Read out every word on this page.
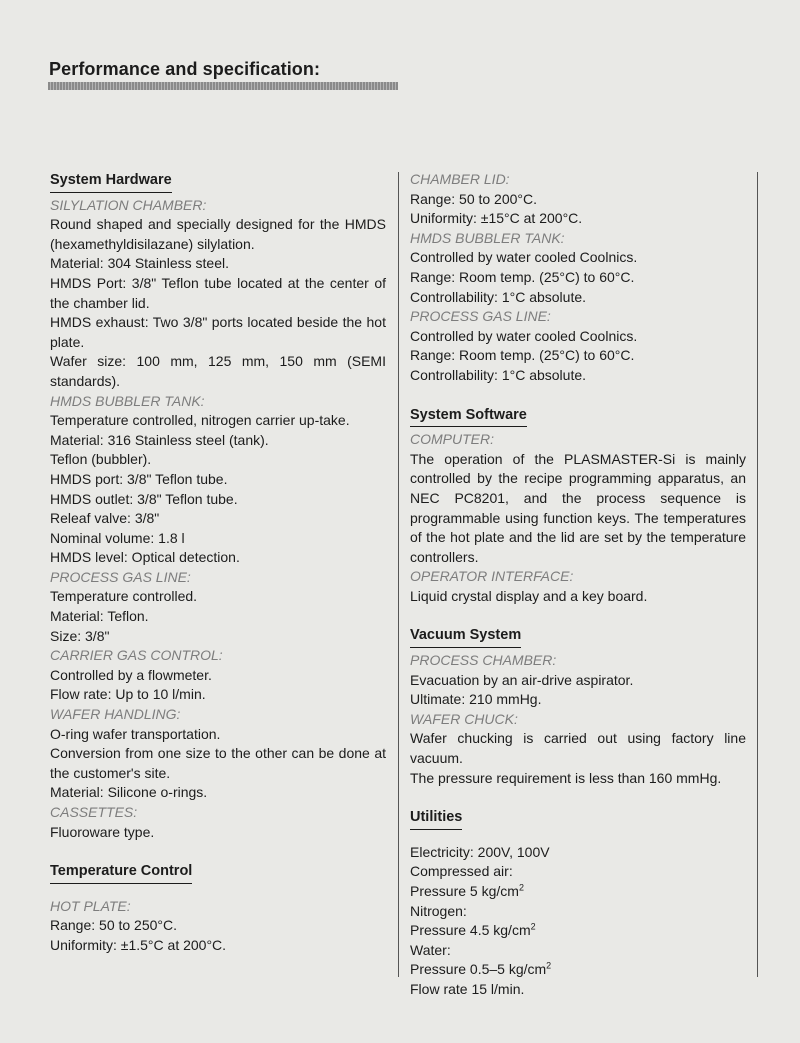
Performance and specification:
System Hardware
SILYLATION CHAMBER:
Round shaped and specially designed for the HMDS (hexamethyldisilazane) silylation.
Material: 304 Stainless steel.
HMDS Port: 3/8" Teflon tube located at the center of the chamber lid.
HMDS exhaust: Two 3/8" ports located beside the hot plate.
Wafer size: 100 mm, 125 mm, 150 mm (SEMI standards).
HMDS BUBBLER TANK:
Temperature controlled, nitrogen carrier up-take.
Material: 316 Stainless steel (tank).
Teflon (bubbler).
HMDS port: 3/8" Teflon tube.
HMDS outlet: 3/8" Teflon tube.
Releaf valve: 3/8"
Nominal volume: 1.8 l
HMDS level: Optical detection.
PROCESS GAS LINE:
Temperature controlled.
Material: Teflon.
Size: 3/8"
CARRIER GAS CONTROL:
Controlled by a flowmeter.
Flow rate: Up to 10 l/min.
WAFER HANDLING:
O-ring wafer transportation.
Conversion from one size to the other can be done at the customer's site.
Material: Silicone o-rings.
CASSETTES:
Fluoroware type.
Temperature Control
HOT PLATE:
Range: 50 to 250°C.
Uniformity: ±1.5°C at 200°C.
CHAMBER LID:
Range: 50 to 200°C.
Uniformity: ±15°C at 200°C.
HMDS BUBBLER TANK:
Controlled by water cooled Coolnics.
Range: Room temp. (25°C) to 60°C.
Controllability: 1°C absolute.
PROCESS GAS LINE:
Controlled by water cooled Coolnics.
Range: Room temp. (25°C) to 60°C.
Controllability: 1°C absolute.
System Software
COMPUTER:
The operation of the PLASMASTER-Si is mainly controlled by the recipe programming apparatus, an NEC PC8201, and the process sequence is programmable using function keys. The temperatures of the hot plate and the lid are set by the temperature controllers.
OPERATOR INTERFACE:
Liquid crystal display and a key board.
Vacuum System
PROCESS CHAMBER:
Evacuation by an air-drive aspirator.
Ultimate: 210 mmHg.
WAFER CHUCK:
Wafer chucking is carried out using factory line vacuum.
The pressure requirement is less than 160 mmHg.
Utilities
Electricity: 200V, 100V
Compressed air:
Pressure 5 $kg/cm^2$
Nitrogen:
Pressure 4.5 $kg/cm^2$
Water:
Pressure 0.5–5 $kg/cm^2$
Flow rate 15 l/min.
